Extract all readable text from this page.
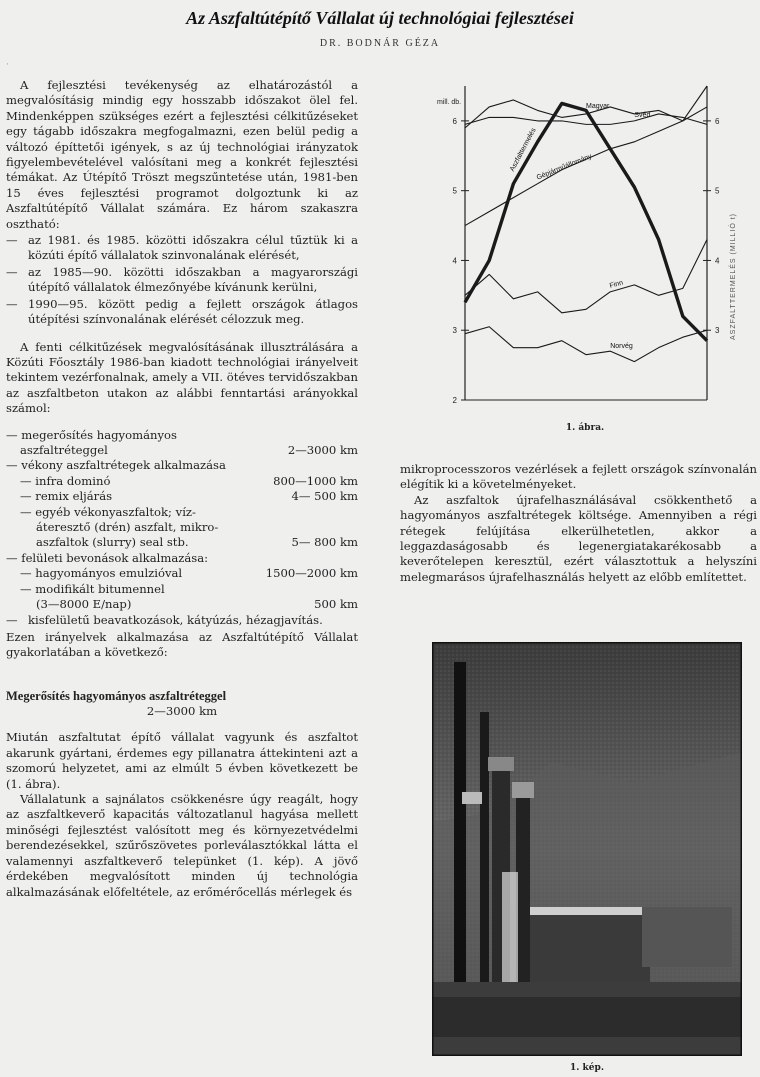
Az Aszfaltútépítő Vállalat új technológiai fejlesztései
DR. BODNÁR GÉZA
·

A fejlesztési tevékenység az elhatározástól a megvalósításig mindig egy hosszabb időszakot ölel fel. Mindenképpen szükséges ezért a fejlesztési célkitűzéseket egy tágabb időszakra megfogalmazni, ezen belül pedig a változó építtetői igények, s az új technológiai irányzatok figyelembevételével valósítani meg a konkrét fejlesztési témákat. Az Útépítő Tröszt megszűntetése után, 1981-ben 15 éves fejlesztési programot dolgoztunk ki az Aszfaltútépítő Vállalat számára. Ez három szakaszra osztható:

— az 1981. és 1985. közötti időszakra célul tűztük ki a közúti építő vállalatok szinvonalának elérését,
— az 1985—90. közötti időszakban a magyarországi útépítő vállalatok élmezőnyébe kívánunk kerülni,
— 1990—95. között pedig a fejlett országok átlagos útépítési színvonalának elérését célozzuk meg.

A fenti célkitűzések megvalósításának illusztrálására a Közúti Főosztály 1986-ban kiadott technológiai irányelveit tekintem vezérfonalnak, amely a VII. ötéves tervidőszakban az aszfaltbeton utakon az alábbi fenntartási arányokkal számol:

— megerősítés hagyományos
aszfaltréteggel	2—3000 km
— vékony aszfaltrétegek alkalmazása
— infra dominó	800—1000 km
— remix eljárás	4— 500 km
— egyéb vékonyaszfaltok; víz-
áteresztő (drén) aszfalt, mikro-
aszfaltok (slurry) seal stb.	5— 800 km
— felületi bevonások alkalmazása:
— hagyományos emulzióval	1500—2000 km
— modifikált bitumennel
(3—8000 E/nap)	500 km
— kisfelületű beavatkozások, kátyúzás, hézagjavítás.

Ezen irányelvek alkalmazása az Aszfaltútépítő Vállalat gyakorlatában a következő:

Megerősítés hagyományos aszfaltréteggel

2—3000 km

Miután aszfaltutat építő vállalat vagyunk és aszfaltot akarunk gyártani, érdemes egy pillanatra áttekinteni azt a szomorú helyzetet, ami az elmúlt 5 évben következett be (1. ábra).

Vállalatunk a sajnálatos csökkenésre úgy reagált, hogy az aszfaltkeverő kapacitás változatlanul hagyása mellett minőségi fejlesztést valósított meg és környezetvédelmi berendezésekkel, szűrőszövetes porleválasztókkal látta el valamennyi aszfaltkeverő telepünket (1. kép). A jövő érdekében megvalósított minden új technológia alkalmazásának előfeltétele, az erőmérőcellás mérlegek és

2
3
4
5
6
3
4
5
6
mill. db.
ASZFALTTERMELÉS (MILLIÓ t)
Aszfalttermelés
Magyar
Svéd
Gépjárműállomány
Finn
Norvég
1. ábra.

mikroprocesszoros vezérlések a fejlett országok színvonalán elégítik ki a követelményeket.

Az aszfaltok újrafelhasználásával csökkenthető a hagyományos aszfaltrétegek költsége. Amennyiben a régi rétegek felújítása elkerülhetetlen, akkor a leggazdaságosabb és legenergiatakarékosabb a keverőtelepen keresztül, ezért választottuk a helyszíni melegmarásos újrafelhasználás helyett az előbb említettet.

1. kép.
